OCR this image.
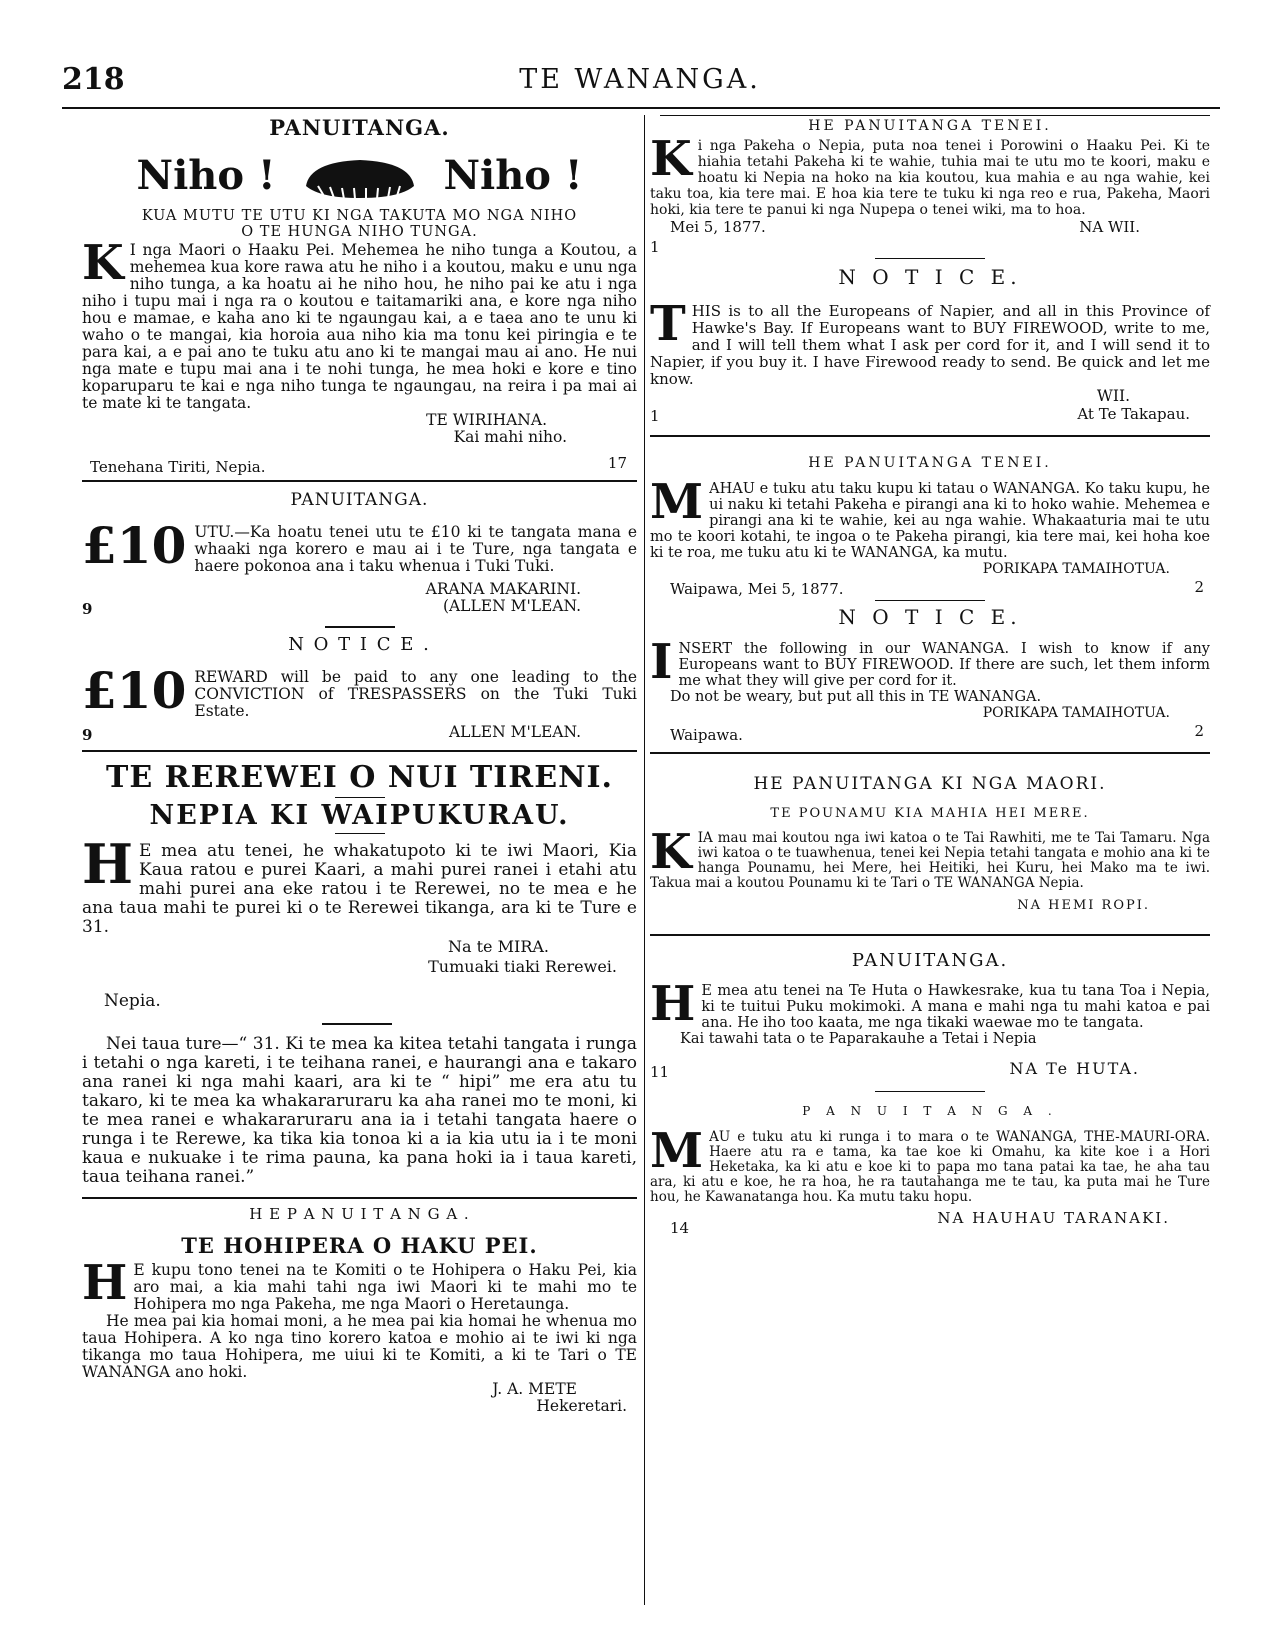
218	TE WANANGA.
PANUITANGA.
Niho !	Niho !
KUA MUTU TE UTU KI NGA TAKUTA MO NGA NIHO
O TE HUNGA NIHO TUNGA.

K I nga Maori o Haaku Pei. Mehemea he niho tunga a Koutou, a mehemea kua kore rawa atu he niho i a koutou, maku e unu nga niho tunga, a ka hoatu ai he niho hou, he niho pai ke atu i nga niho i tupu mai i nga ra o koutou e taitamariki ana, e kore nga niho hou e mamae, e kaha ano ki te ngaungau kai, a e taea ano te unu ki waho o te mangai, kia horoia aua niho kia ma tonu kei piringia e te para kai, a e pai ano te tuku atu ano ki te mangai mau ai ano. He nui nga mate e tupu mai ana i te nohi tunga, he mea hoki e kore e tino koparuparu te kai e nga niho tunga te ngaungau, na reira i pa mai ai te mate ki te tangata.

TE WIRIHANA.
Kai mahi niho.
Tenehana Tiriti, Nepia.	17
PANUITANGA.

£10 UTU.—Ka hoatu tenei utu te £10 ki te tangata mana e whaaki nga korero e mau ai i te Ture, nga tangata e haere pokonoa ana i taku whenua i Tuki Tuki.

ARANA MAKARINI.
9	(ALLEN M'LEAN.
N O T I C E .

£10 REWARD will be paid to any one leading to the CONVICTION of TRESPASSERS on the Tuki Tuki Estate.

9	ALLEN M'LEAN.
TE REREWEI O NUI TIRENI.
NEPIA KI WAIPUKURAU.

H E mea atu tenei, he whakatupoto ki te iwi Maori, Kia Kaua ratou e purei Kaari, a mahi purei ranei i etahi atu mahi purei ana eke ratou i te Rerewei, no te mea e he ana taua mahi te purei ki o te Rerewei tikanga, ara ki te Ture e 31.

Na te MIRA.
Tumuaki tiaki Rerewei.
Nepia.

Nei taua ture—“ 31. Ki te mea ka kitea tetahi tangata i runga i tetahi o nga kareti, i te teihana ranei, e haurangi ana e takaro ana ranei ki nga mahi kaari, ara ki te “ hipi” me era atu tu takaro, ki te mea ka whakararuraru ka aha ranei mo te moni, ki te mea ranei e whakararuraru ana ia i tetahi tangata haere o runga i te Rerewe, ka tika kia tonoa ki a ia kia utu ia i te moni kaua e nukuake i te rima pauna, ka pana hoki ia i taua kareti, taua teihana ranei.”

H E P A N U I T A N G A .
TE HOHIPERA O HAKU PEI.

H E kupu tono tenei na te Komiti o te Hohipera o Haku Pei, kia aro mai, a kia mahi tahi nga iwi Maori ki te mahi mo te Hohipera mo nga Pakeha, me nga Maori o Heretaunga.

He mea pai kia homai moni, a he mea pai kia homai he whenua mo taua Hohipera. A ko nga tino korero katoa e mohio ai te iwi ki nga tikanga mo taua Hohipera, me uiui ki te Komiti, a ki te Tari o TE WANANGA ano hoki.

J. A. METE
Hekeretari.
HE PANUITANGA TENEI.

Ki nga Pakeha o Nepia, puta noa tenei i Porowini o Haaku Pei. Ki te hiahia tetahi Pakeha ki te wahie, tuhia mai te utu mo te koori, maku e hoatu ki Nepia na hoko na kia koutou, kua mahia e au nga wahie, kei taku toa, kia tere mai. E hoa kia tere te tuku ki nga reo e rua, Pakeha, Maori hoki, kia tere te panui ki nga Nupepa o tenei wiki, ma to hoa.

Mei 5, 1877.	NA WII.
1
N O T I C E.

THIS is to all the Europeans of Napier, and all in this Province of Hawke's Bay. If Europeans want to BUY FIREWOOD, write to me, and I will tell them what I ask per cord for it, and I will send it to Napier, if you buy it. I have Firewood ready to send. Be quick and let me know.

WII.
1	At Te Takapau.
HE PANUITANGA TENEI.

MAHAU e tuku atu taku kupu ki tatau o WANANGA. Ko taku kupu, he ui naku ki tetahi Pakeha e pirangi ana ki to hoko wahie. Mehemea e pirangi ana ki te wahie, kei au nga wahie. Whakaaturia mai te utu mo te koori kotahi, te ingoa o te Pakeha pirangi, kia tere mai, kei hoha koe ki te roa, me tuku atu ki te WANANGA, ka mutu.

PORIKAPA TAMAIHOTUA.
Waipawa, Mei 5, 1877.	2
N O T I C E.

INSERT the following in our WANANGA. I wish to know if any Europeans want to BUY FIREWOOD. If there are such, let them inform me what they will give per cord for it.

Do not be weary, but put all this in TE WANANGA.

PORIKAPA TAMAIHOTUA.
Waipawa.	2
HE PANUITANGA KI NGA MAORI.
TE POUNAMU KIA MAHIA HEI MERE.

KIA mau mai koutou nga iwi katoa o te Tai Rawhiti, me te Tai Tamaru. Nga iwi katoa o te tuawhenua, tenei kei Nepia tetahi tangata e mohio ana ki te hanga Pounamu, hei Mere, hei Heitiki, hei Kuru, hei Mako ma te iwi. Takua mai a koutou Pounamu ki te Tari o TE WANANGA Nepia.

NA HEMI ROPI.
PANUITANGA.

H E mea atu tenei na Te Huta o Hawkesrake, kua tu tana Toa i Nepia, ki te tuitui Puku mokimoki. A mana e mahi nga tu mahi katoa e pai ana. He iho too kaata, me nga tikaki waewae mo te tangata.

Kai tawahi tata o te Paparakauhe a Tetai i Nepia

11	NA Te HUTA.
P A N U I T A N G A .

MAU e tuku atu ki runga i to mara o te WANANGA, THE-MAURI-ORA. Haere atu ra e tama, ka tae koe ki Omahu, ka kite koe i a Hori Heketaka, ka ki atu e koe ki to papa mo tana patai ka tae, he aha tau ara, ki atu e koe, he ra hoa, he ra tautahanga me te tau, ka puta mai he Ture hou, he Kawanatanga hou. Ka mutu taku hopu.

14
NA HAUHAU TARANAKI.
